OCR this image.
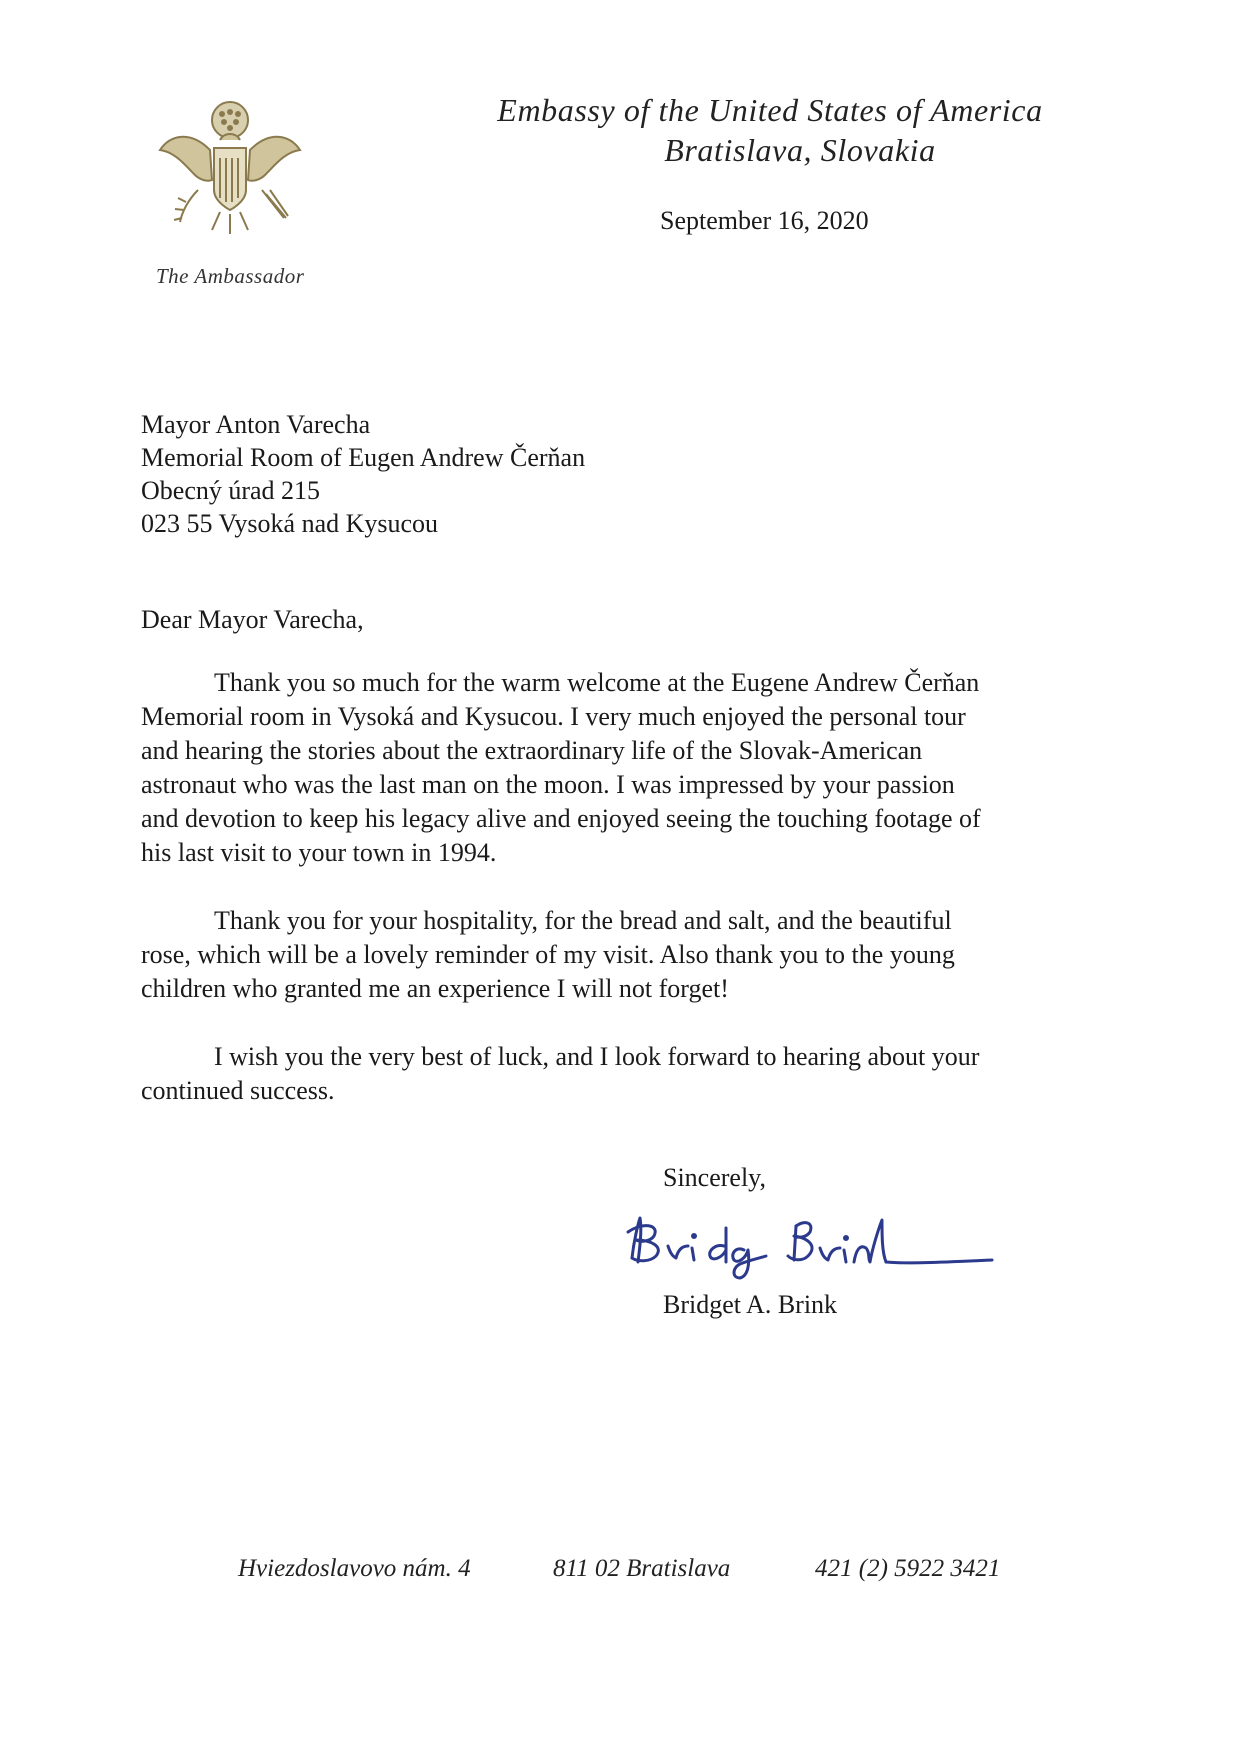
The Ambassador
Embassy of the United States of America
Bratislava, Slovakia
September 16, 2020
Mayor Anton Varecha
Memorial Room of Eugen Andrew Čerňan
Obecný úrad 215
023 55 Vysoká nad Kysucou
Dear Mayor Varecha,

Thank you so much for the warm welcome at the Eugene Andrew Čerňan
Memorial room in Vysoká and Kysucou. I very much enjoyed the personal tour
and hearing the stories about the extraordinary life of the Slovak-American
astronaut who was the last man on the moon. I was impressed by your passion
and devotion to keep his legacy alive and enjoyed seeing the touching footage of
his last visit to your town in 1994.

Thank you for your hospitality, for the bread and salt, and the beautiful
rose, which will be a lovely reminder of my visit. Also thank you to the young
children who granted me an experience I will not forget!

I wish you the very best of luck, and I look forward to hearing about your
continued success.

Sincerely,
Bridget A. Brink
Hviezdoslavovo nám. 4	811 02 Bratislava	421 (2) 5922 3421
